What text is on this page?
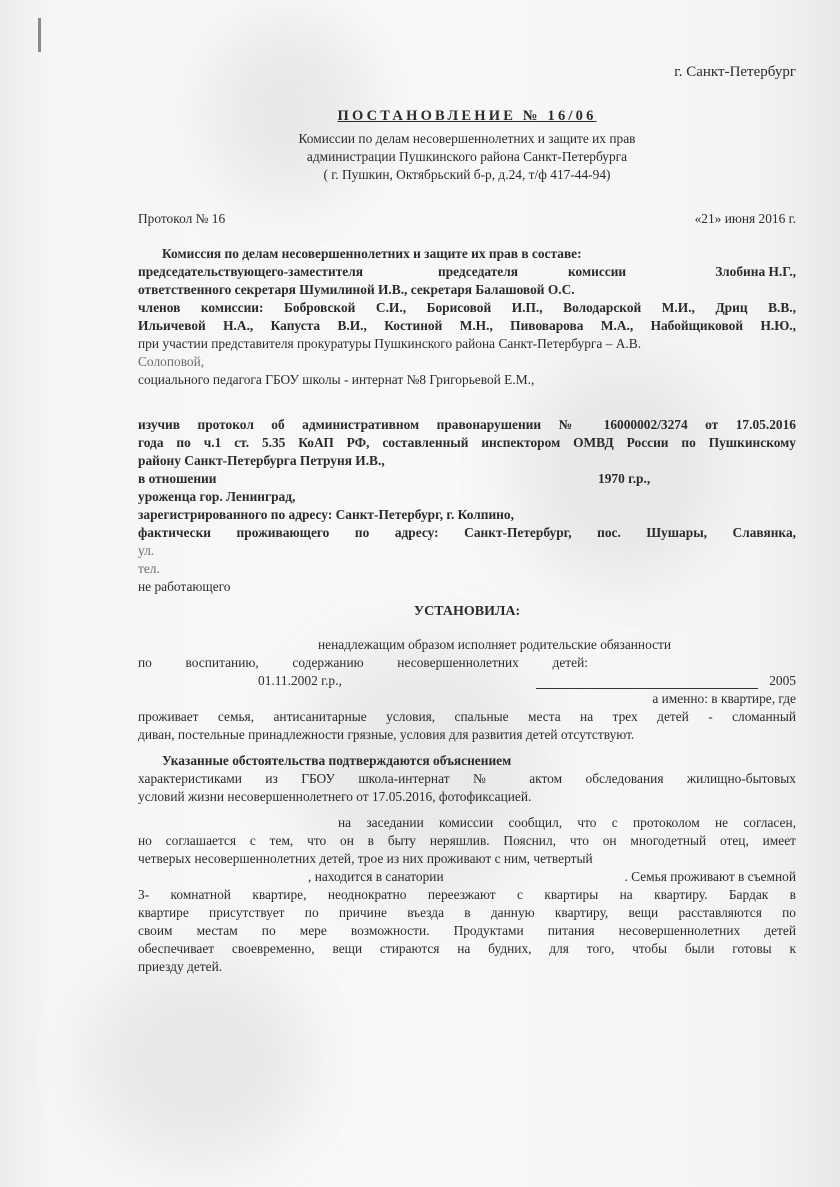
г. Санкт-Петербург
ПОСТАНОВЛЕНИЕ № 16/06
Комиссии по делам несовершеннолетних и защите их прав
администрации Пушкинского района Санкт-Петербурга
( г. Пушкин, Октябрьский б-р, д.24, т/ф 417-44-94)
Протокол № 16	«21» июня 2016 г.
Комиссия по делам несовершеннолетних и защите их прав в составе:
председательствующего-заместителя	председателя	комиссии	Злобина Н.Г.,
ответственного секретаря Шумилиной И.В., секретаря Балашовой О.С.
членов комиссии: Бобровской С.И., Борисовой И.П., Володарской М.И., Дриц В.В.,
Ильичевой Н.А., Капуста В.И., Костиной М.Н., Пивоварова М.А., Набойщиковой Н.Ю.,
при участии представителя прокуратуры Пушкинского района Санкт-Петербурга – А.В.
Солоповой,
социального педагога ГБОУ школы - интернат №8 Григорьевой Е.М.,
изучив протокол об административном правонарушении № 16000002/3274 от 17.05.2016
года по ч.1 ст. 5.35 КоАП РФ, составленный инспектором ОМВД России по Пушкинскому
району Санкт-Петербурга Петруня И.В.,
в отношении	1970 г.р.,
уроженца гор. Ленинград,
зарегистрированного по адресу: Санкт-Петербург, г. Колпино,
фактически проживающего по адресу: Санкт-Петербург, пос. Шушары, Славянка,
ул.
тел.
не работающего
УСТАНОВИЛА:
ненадлежащим образом исполняет родительские обязанности
по воспитанию, содержанию несовершеннолетних детей:
01.11.2002 г.р.,	2005
а именно: в квартире, где
проживает семья, антисанитарные условия, спальные места на трех детей - сломанный
диван, постельные принадлежности грязные, условия для развития детей отсутствуют.
Указанные обстоятельства подтверждаются объяснением
характеристиками из ГБОУ школа-интернат № актом обследования жилищно-бытовых
условий жизни несовершеннолетнего от 17.05.2016, фотофиксацией.
на заседании комиссии сообщил, что с протоколом не согласен,
но соглашается с тем, что он в быту неряшлив. Пояснил, что он многодетный отец, имеет
четверых несовершеннолетних детей, трое из них проживают с ним, четвертый
, находится в санатории	. Семья проживают в съемной
3- комнатной квартире, неоднократно переезжают с квартиры на квартиру. Бардак в
квартире присутствует по причине въезда в данную квартиру, вещи расставляются по
своим местам по мере возможности. Продуктами питания несовершеннолетних детей
обеспечивает своевременно, вещи стираются на будних, для того, чтобы были готовы к
приезду детей.
